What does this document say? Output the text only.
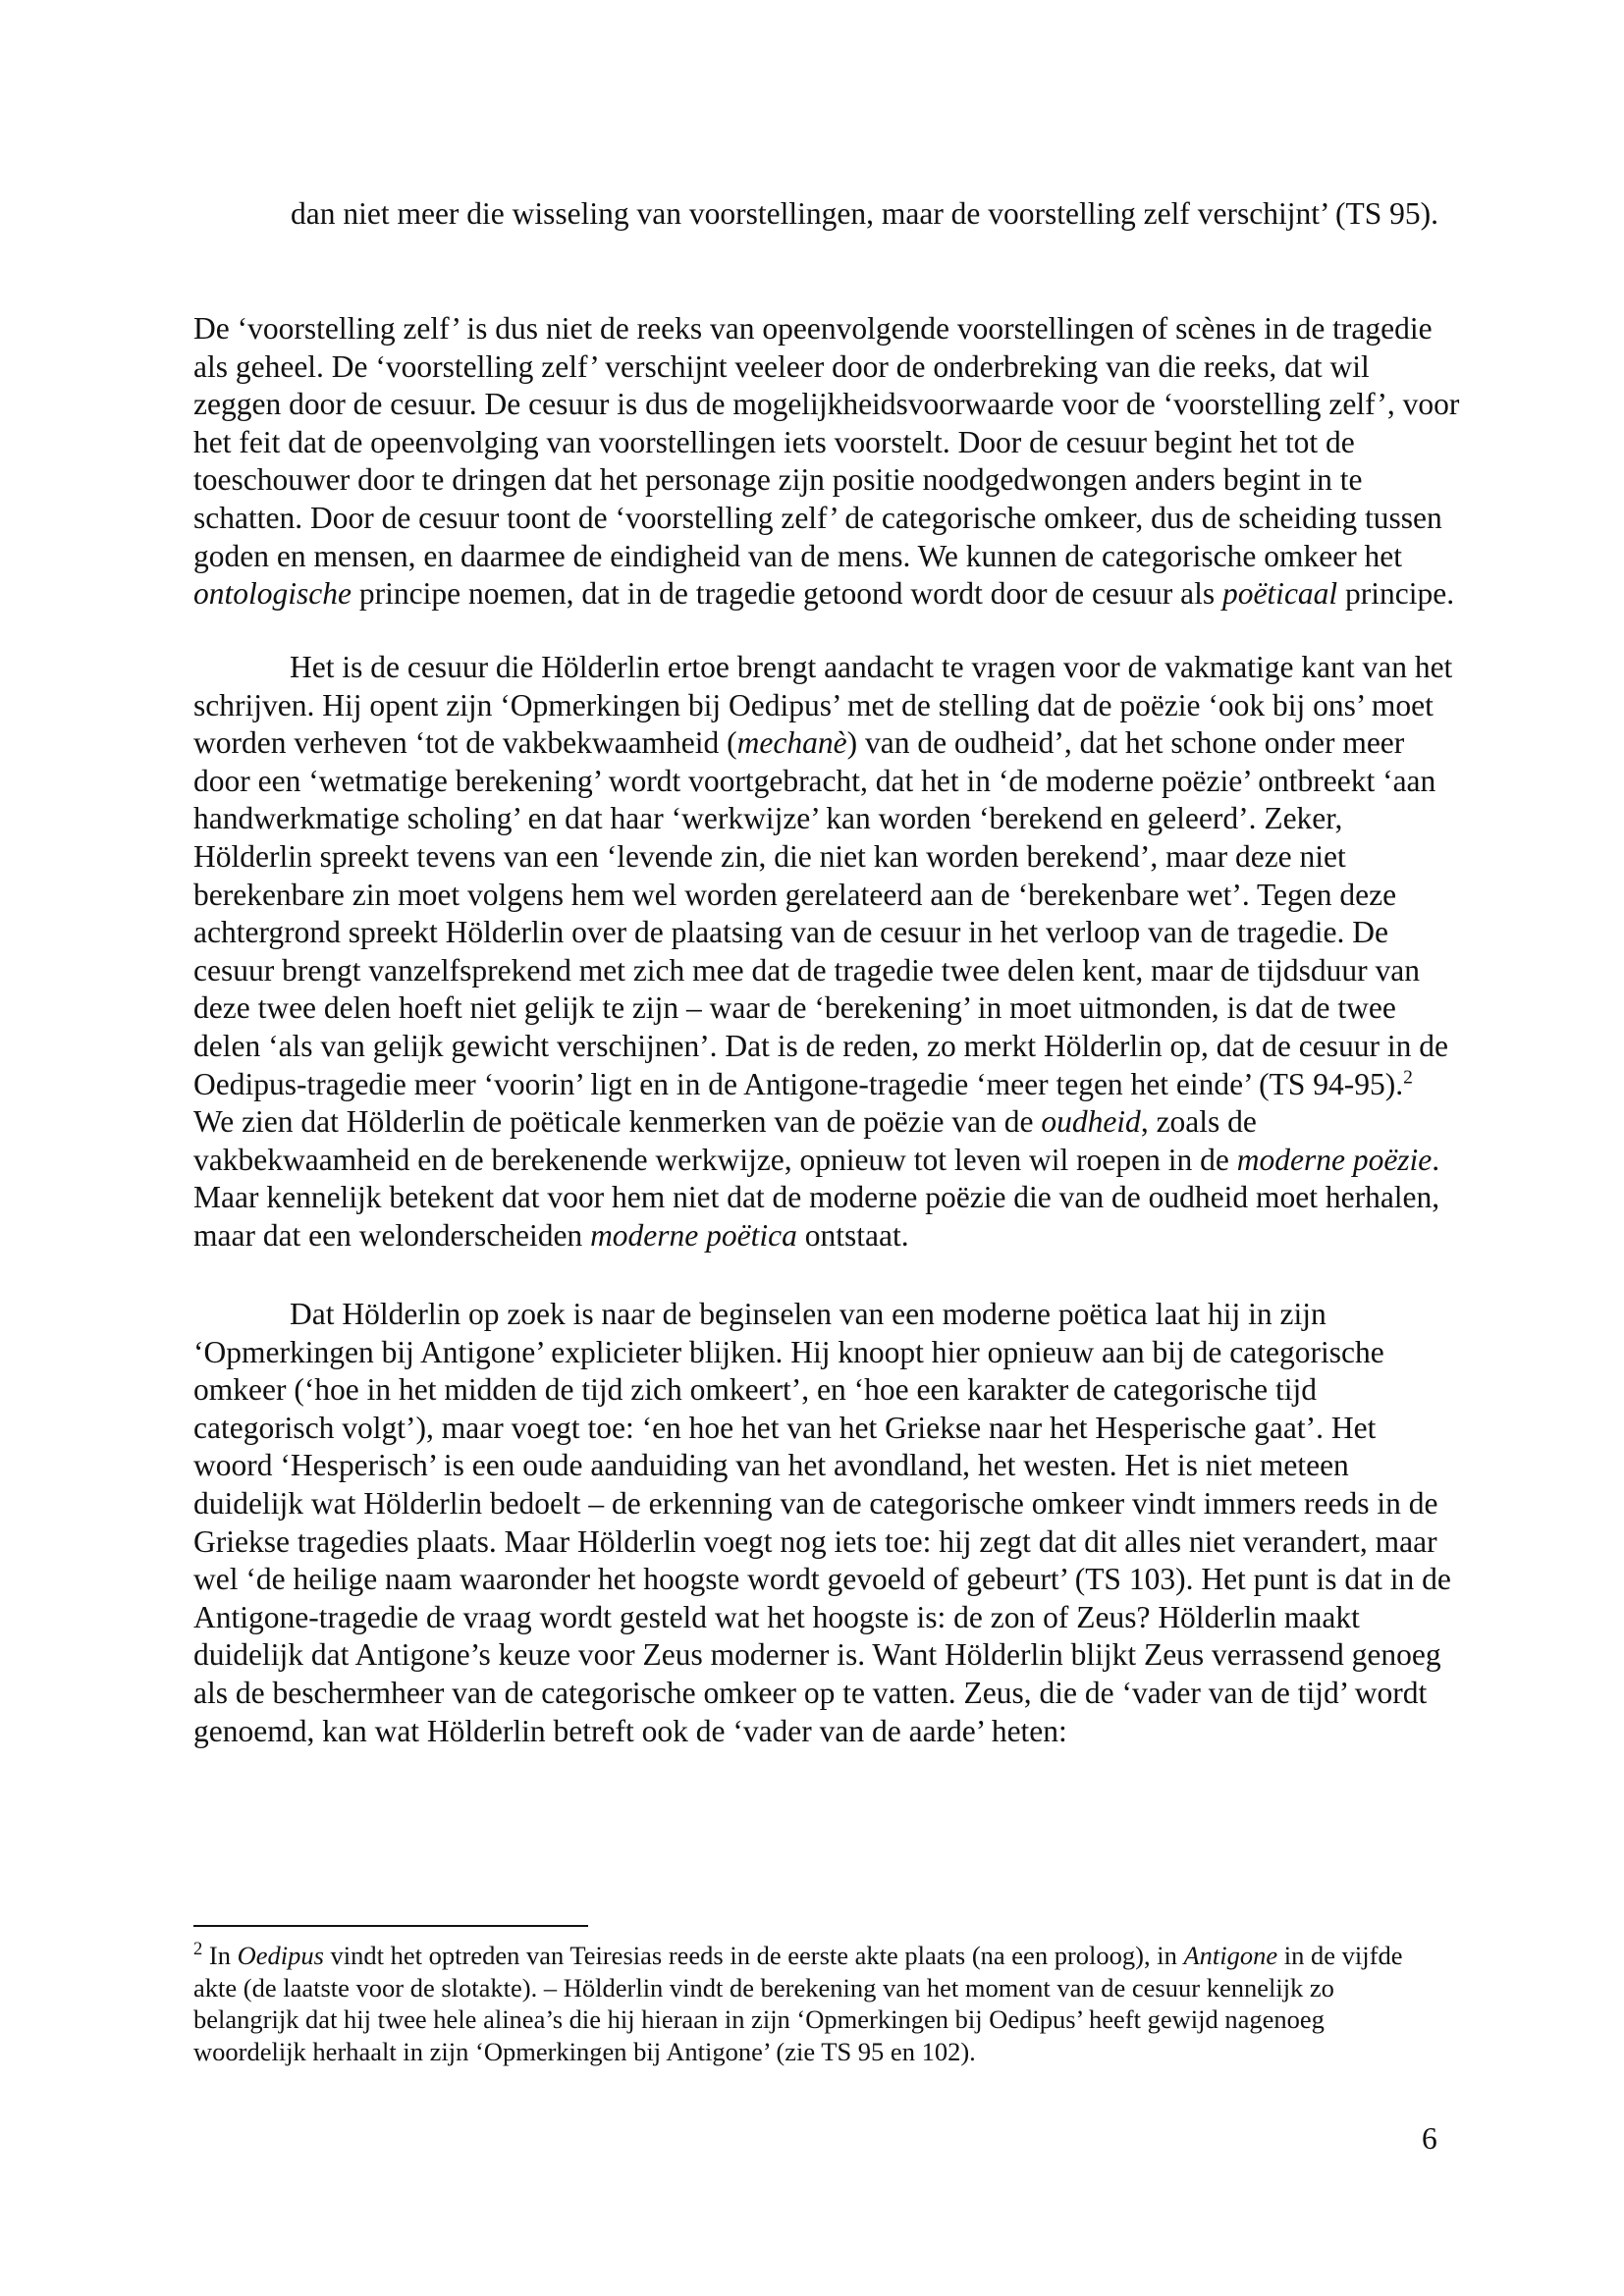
dan niet meer die wisseling van voorstellingen, maar de voorstelling zelf verschijnt’ (TS 95).

De ‘voorstelling zelf’ is dus niet de reeks van opeenvolgende voorstellingen of scènes in de tragedie als geheel. De ‘voorstelling zelf’ verschijnt veeleer door de onderbreking van die reeks, dat wil zeggen door de cesuur. De cesuur is dus de mogelijkheidsvoorwaarde voor de ‘voorstelling zelf’, voor het feit dat de opeenvolging van voorstellingen iets voorstelt. Door de cesuur begint het tot de toeschouwer door te dringen dat het personage zijn positie noodgedwongen anders begint in te schatten. Door de cesuur toont de ‘voorstelling zelf’ de categorische omkeer, dus de scheiding tussen goden en mensen, en daarmee de eindigheid van de mens. We kunnen de categorische omkeer het ontologische principe noemen, dat in de tragedie getoond wordt door de cesuur als poëticaal principe.

Het is de cesuur die Hölderlin ertoe brengt aandacht te vragen voor de vakmatige kant van het schrijven. Hij opent zijn ‘Opmerkingen bij Oedipus’ met de stelling dat de poëzie ‘ook bij ons’ moet worden verheven ‘tot de vakbekwaamheid (mechanè) van de oudheid’, dat het schone onder meer door een ‘wetmatige berekening’ wordt voortgebracht, dat het in ‘de moderne poëzie’ ontbreekt ‘aan handwerkmatige scholing’ en dat haar ‘werkwijze’ kan worden ‘berekend en geleerd’. Zeker, Hölderlin spreekt tevens van een ‘levende zin, die niet kan worden berekend’, maar deze niet berekenbare zin moet volgens hem wel worden gerelateerd aan de ‘berekenbare wet’. Tegen deze achtergrond spreekt Hölderlin over de plaatsing van de cesuur in het verloop van de tragedie. De cesuur brengt vanzelfsprekend met zich mee dat de tragedie twee delen kent, maar de tijdsduur van deze twee delen hoeft niet gelijk te zijn – waar de ‘berekening’ in moet uitmonden, is dat de twee delen ‘als van gelijk gewicht verschijnen’. Dat is de reden, zo merkt Hölderlin op, dat de cesuur in de Oedipus-tragedie meer ‘voorin’ ligt en in de Antigone-tragedie ‘meer tegen het einde’ (TS 94-95).$^2$ We zien dat Hölderlin de poëticale kenmerken van de poëzie van de oudheid, zoals de vakbekwaamheid en de berekenende werkwijze, opnieuw tot leven wil roepen in de moderne poëzie. Maar kennelijk betekent dat voor hem niet dat de moderne poëzie die van de oudheid moet herhalen, maar dat een welonderscheiden moderne poëtica ontstaat.

Dat Hölderlin op zoek is naar de beginselen van een moderne poëtica laat hij in zijn ‘Opmerkingen bij Antigone’ explicieter blijken. Hij knoopt hier opnieuw aan bij de categorische omkeer (‘hoe in het midden de tijd zich omkeert’, en ‘hoe een karakter de categorische tijd categorisch volgt’), maar voegt toe: ‘en hoe het van het Griekse naar het Hesperische gaat’. Het woord ‘Hesperisch’ is een oude aanduiding van het avondland, het westen. Het is niet meteen duidelijk wat Hölderlin bedoelt – de erkenning van de categorische omkeer vindt immers reeds in de Griekse tragedies plaats. Maar Hölderlin voegt nog iets toe: hij zegt dat dit alles niet verandert, maar wel ‘de heilige naam waaronder het hoogste wordt gevoeld of gebeurt’ (TS 103). Het punt is dat in de Antigone-tragedie de vraag wordt gesteld wat het hoogste is: de zon of Zeus? Hölderlin maakt duidelijk dat Antigone’s keuze voor Zeus moderner is. Want Hölderlin blijkt Zeus verrassend genoeg als de beschermheer van de categorische omkeer op te vatten. Zeus, die de ‘vader van de tijd’ wordt genoemd, kan wat Hölderlin betreft ook de ‘vader van de aarde’ heten:

$^2$ In Oedipus vindt het optreden van Teiresias reeds in de eerste akte plaats (na een proloog), in Antigone in de vijfde akte (de laatste voor de slotakte). – Hölderlin vindt de berekening van het moment van de cesuur kennelijk zo belangrijk dat hij twee hele alinea’s die hij hieraan in zijn ‘Opmerkingen bij Oedipus’ heeft gewijd nagenoeg woordelijk herhaalt in zijn ‘Opmerkingen bij Antigone’ (zie TS 95 en 102).

6
